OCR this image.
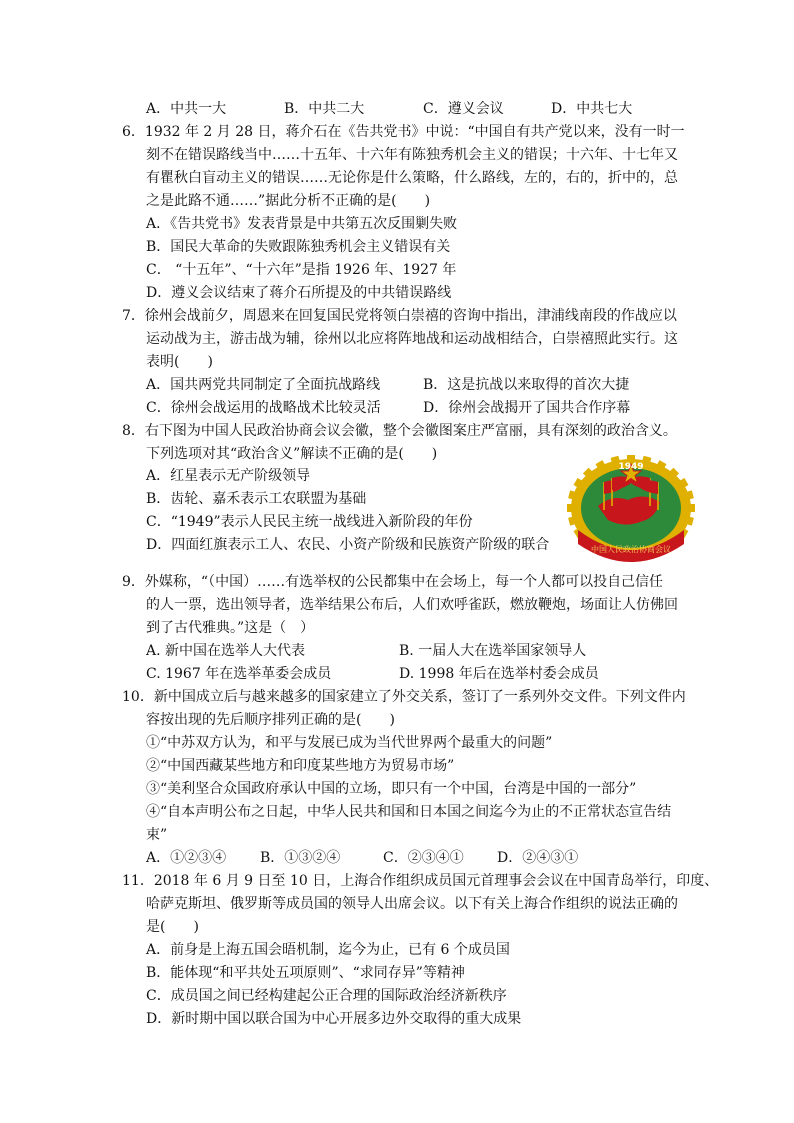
A．中共一大	B．中共二大	C．遵义会议	D．中共七大
6．1932 年 2 月 28 日，蒋介石在《告共党书》中说：“中国自有共产党以来，没有一时一
刻不在错误路线当中……十五年、十六年有陈独秀机会主义的错误；十六年、十七年又
有瞿秋白盲动主义的错误……无论你是什么策略，什么路线，左的，右的，折中的，总
之是此路不通……”据此分析不正确的是(　　)
A．《告共党书》发表背景是中共第五次反围剿失败
B．国民大革命的失败跟陈独秀机会主义错误有关
C． “十五年”、“十六年”是指 1926 年、1927 年
D．遵义会议结束了蒋介石所提及的中共错误路线
7．徐州会战前夕，周恩来在回复国民党将领白崇禧的咨询中指出，津浦线南段的作战应以
运动战为主，游击战为辅，徐州以北应将阵地战和运动战相结合，白崇禧照此实行。这
表明(　　)
A．国共两党共同制定了全面抗战路线	B．这是抗战以来取得的首次大捷
C．徐州会战运用的战略战术比较灵活	D．徐州会战揭开了国共合作序幕
8．右下图为中国人民政治协商会议会徽，整个会徽图案庄严富丽，具有深刻的政治含义。
下列选项对其“政治含义”解读不正确的是(　　)
A．红星表示无产阶级领导
B．齿轮、嘉禾表示工农联盟为基础
C．“1949”表示人民民主统一战线进入新阶段的年份
D．四面红旗表示工人、农民、小资产阶级和民族资产阶级的联合
1949
中国人民政治协商会议
9．外媒称，“（中国）……有选举权的公民都集中在会场上，每一个人都可以投自己信任
的人一票，选出领导者，选举结果公布后，人们欢呼雀跃，燃放鞭炮，场面让人仿佛回
到了古代雅典。”这是（　）
A. 新中国在选举人大代表	B. 一届人大在选举国家领导人
C. 1967 年在选举革委会成员	D. 1998 年后在选举村委会成员
10．新中国成立后与越来越多的国家建立了外交关系，签订了一系列外交文件。下列文件内
容按出现的先后顺序排列正确的是(　　)
①“中苏双方认为，和平与发展已成为当代世界两个最重大的问题”
②“中国西藏某些地方和印度某些地方为贸易市场”
③“美利坚合众国政府承认中国的立场，即只有一个中国，台湾是中国的一部分”
④“自本声明公布之日起，中华人民共和国和日本国之间迄今为止的不正常状态宣告结
束”
A．①②③④ B．①③②④	C．②③④① D．②④③①
11．2018 年 6 月 9 日至 10 日，上海合作组织成员国元首理事会会议在中国青岛举行，印度、
哈萨克斯坦、俄罗斯等成员国的领导人出席会议。以下有关上海合作组织的说法正确的
是(　　)
A．前身是上海五国会晤机制，迄今为止，已有 6 个成员国
B．能体现“和平共处五项原则”、“求同存异”等精神
C．成员国之间已经构建起公正合理的国际政治经济新秩序
D．新时期中国以联合国为中心开展多边外交取得的重大成果
